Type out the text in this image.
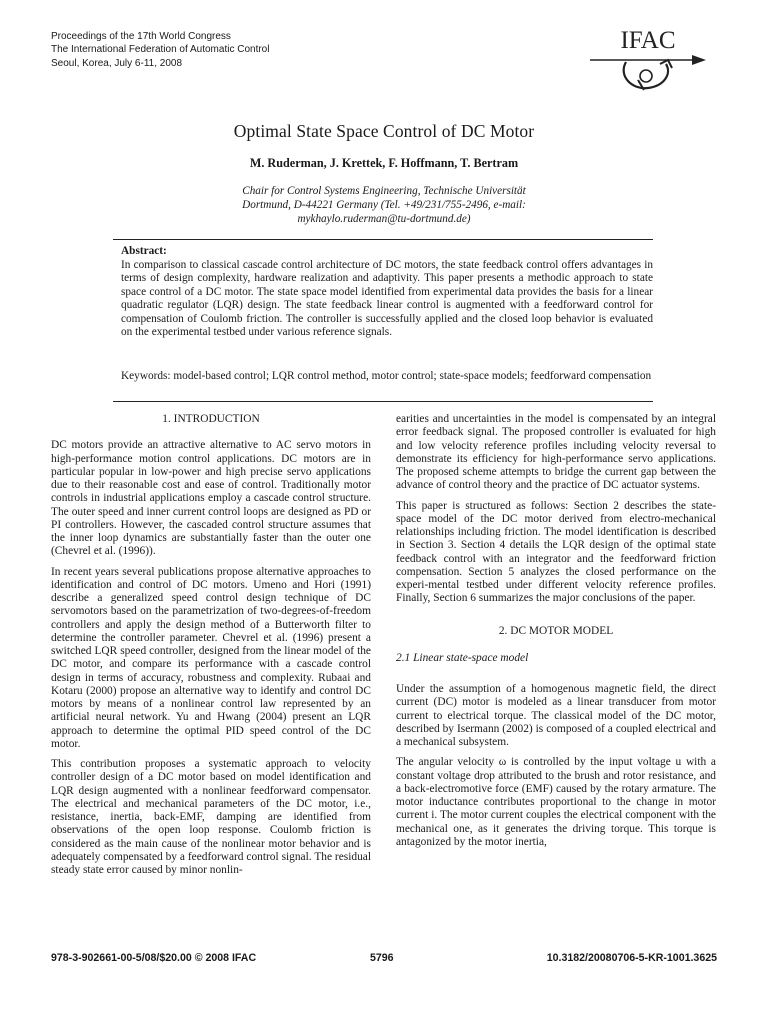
Proceedings of the 17th World Congress
The International Federation of Automatic Control
Seoul, Korea, July 6-11, 2008
IFAC
Optimal State Space Control of DC Motor
M. Ruderman, J. Krettek, F. Hoffmann, T. Bertram
Chair for Control Systems Engineering, Technische Universität
Dortmund, D-44221 Germany (Tel. +49/231/755-2496, e-mail:
mykhaylo.ruderman@tu-dortmund.de)
Abstract:
In comparison to classical cascade control architecture of DC motors, the state feedback control offers advantages in terms of design complexity, hardware realization and adaptivity. This paper presents a methodic approach to state space control of a DC motor. The state space model identified from experimental data provides the basis for a linear quadratic regulator (LQR) design. The state feedback linear control is augmented with a feedforward control for compensation of Coulomb friction. The controller is successfully applied and the closed loop behavior is evaluated on the experimental testbed under various reference signals.
Keywords: model-based control; LQR control method, motor control; state-space models; feedforward compensation
1. INTRODUCTION

DC motors provide an attractive alternative to AC servo motors in high-performance motion control applications. DC motors are in particular popular in low-power and high precise servo applications due to their reasonable cost and ease of control. Traditionally motor controls in industrial applications employ a cascade control structure. The outer speed and inner current control loops are designed as PD or PI controllers. However, the cascaded control structure assumes that the inner loop dynamics are substantially faster than the outer one (Chevrel et al. (1996)).

In recent years several publications propose alternative approaches to identification and control of DC motors. Umeno and Hori (1991) describe a generalized speed control design technique of DC servomotors based on the parametrization of two-degrees-of-freedom controllers and apply the design method of a Butterworth filter to determine the controller parameter. Chevrel et al. (1996) present a switched LQR speed controller, designed from the linear model of the DC motor, and compare its performance with a cascade control design in terms of accuracy, robustness and complexity. Rubaai and Kotaru (2000) propose an alternative way to identify and control DC motors by means of a nonlinear control law represented by an artificial neural network. Yu and Hwang (2004) present an LQR approach to determine the optimal PID speed control of the DC motor.

This contribution proposes a systematic approach to velocity controller design of a DC motor based on model identification and LQR design augmented with a nonlinear feedforward compensator. The electrical and mechanical parameters of the DC motor, i.e., resistance, inertia, back-EMF, damping are identified from observations of the open loop response. Coulomb friction is considered as the main cause of the nonlinear motor behavior and is adequately compensated by a feedforward control signal. The residual steady state error caused by minor nonlin-

earities and uncertainties in the model is compensated by an integral error feedback signal. The proposed controller is evaluated for high and low velocity reference profiles including velocity reversal to demonstrate its efficiency for high-performance servo applications. The proposed scheme attempts to bridge the current gap between the advance of control theory and the practice of DC actuator systems.

This paper is structured as follows: Section 2 describes the state-space model of the DC motor derived from electro-mechanical relationships including friction. The model identification is described in Section 3. Section 4 details the LQR design of the optimal state feedback control with an integrator and the feedforward friction compensation. Section 5 analyzes the closed performance on the experi-mental testbed under different velocity reference profiles. Finally, Section 6 summarizes the major conclusions of the paper.

2. DC MOTOR MODEL
2.1 Linear state-space model

Under the assumption of a homogenous magnetic field, the direct current (DC) motor is modeled as a linear transducer from motor current to electrical torque. The classical model of the DC motor, described by Isermann (2002) is composed of a coupled electrical and a mechanical subsystem.

The angular velocity ω is controlled by the input voltage u with a constant voltage drop attributed to the brush and rotor resistance, and a back-electromotive force (EMF) caused by the rotary armature. The motor inductance contributes proportional to the change in motor current i. The motor current couples the electrical component with the mechanical one, as it generates the driving torque. This torque is antagonized by the motor inertia,

978-3-902661-00-5/08/$20.00 © 2008 IFAC	5796	10.3182/20080706-5-KR-1001.3625
